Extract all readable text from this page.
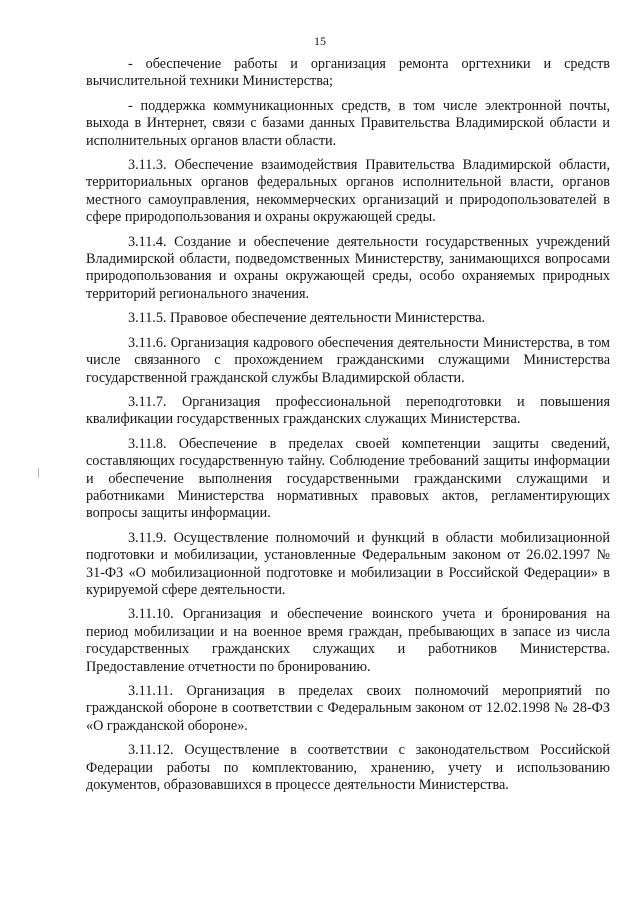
15

- обеспечение работы и организация ремонта оргтехники и средств вычислительной техники Министерства;

- поддержка коммуникационных средств, в том числе электронной почты, выхода в Интернет, связи с базами данных Правительства Владимирской области и исполнительных органов власти области.

3.11.3. Обеспечение взаимодействия Правительства Владимирской области, территориальных органов федеральных органов исполнительной власти, органов местного самоуправления, некоммерческих организаций и природопользователей в сфере природопользования и охраны окружающей среды.

3.11.4. Создание и обеспечение деятельности государственных учреждений Владимирской области, подведомственных Министерству, занимающихся вопросами природопользования и охраны окружающей среды, особо охраняемых природных территорий регионального значения.

3.11.5. Правовое обеспечение деятельности Министерства.

3.11.6. Организация кадрового обеспечения деятельности Министерства, в том числе связанного с прохождением гражданскими служащими Министерства государственной гражданской службы Владимирской области.

3.11.7. Организация профессиональной переподготовки и повышения квалификации государственных гражданских служащих Министерства.

3.11.8. Обеспечение в пределах своей компетенции защиты сведений, составляющих государственную тайну. Соблюдение требований защиты информации и обеспечение выполнения государственными гражданскими служащими и работниками Министерства нормативных правовых актов, регламентирующих вопросы защиты информации.

3.11.9. Осуществление полномочий и функций в области мобилизационной подготовки и мобилизации, установленные Федеральным законом от 26.02.1997 № 31-ФЗ «О мобилизационной подготовке и мобилизации в Российской Федерации» в курируемой сфере деятельности.

3.11.10. Организация и обеспечение воинского учета и бронирования на период мобилизации и на военное время граждан, пребывающих в запасе из числа государственных гражданских служащих и работников Министерства. Предоставление отчетности по бронированию.

3.11.11. Организация в пределах своих полномочий мероприятий по гражданской обороне в соответствии с Федеральным законом от 12.02.1998 № 28-ФЗ «О гражданской обороне».

3.11.12. Осуществление в соответствии с законодательством Российской Федерации работы по комплектованию, хранению, учету и использованию документов, образовавшихся в процессе деятельности Министерства.
